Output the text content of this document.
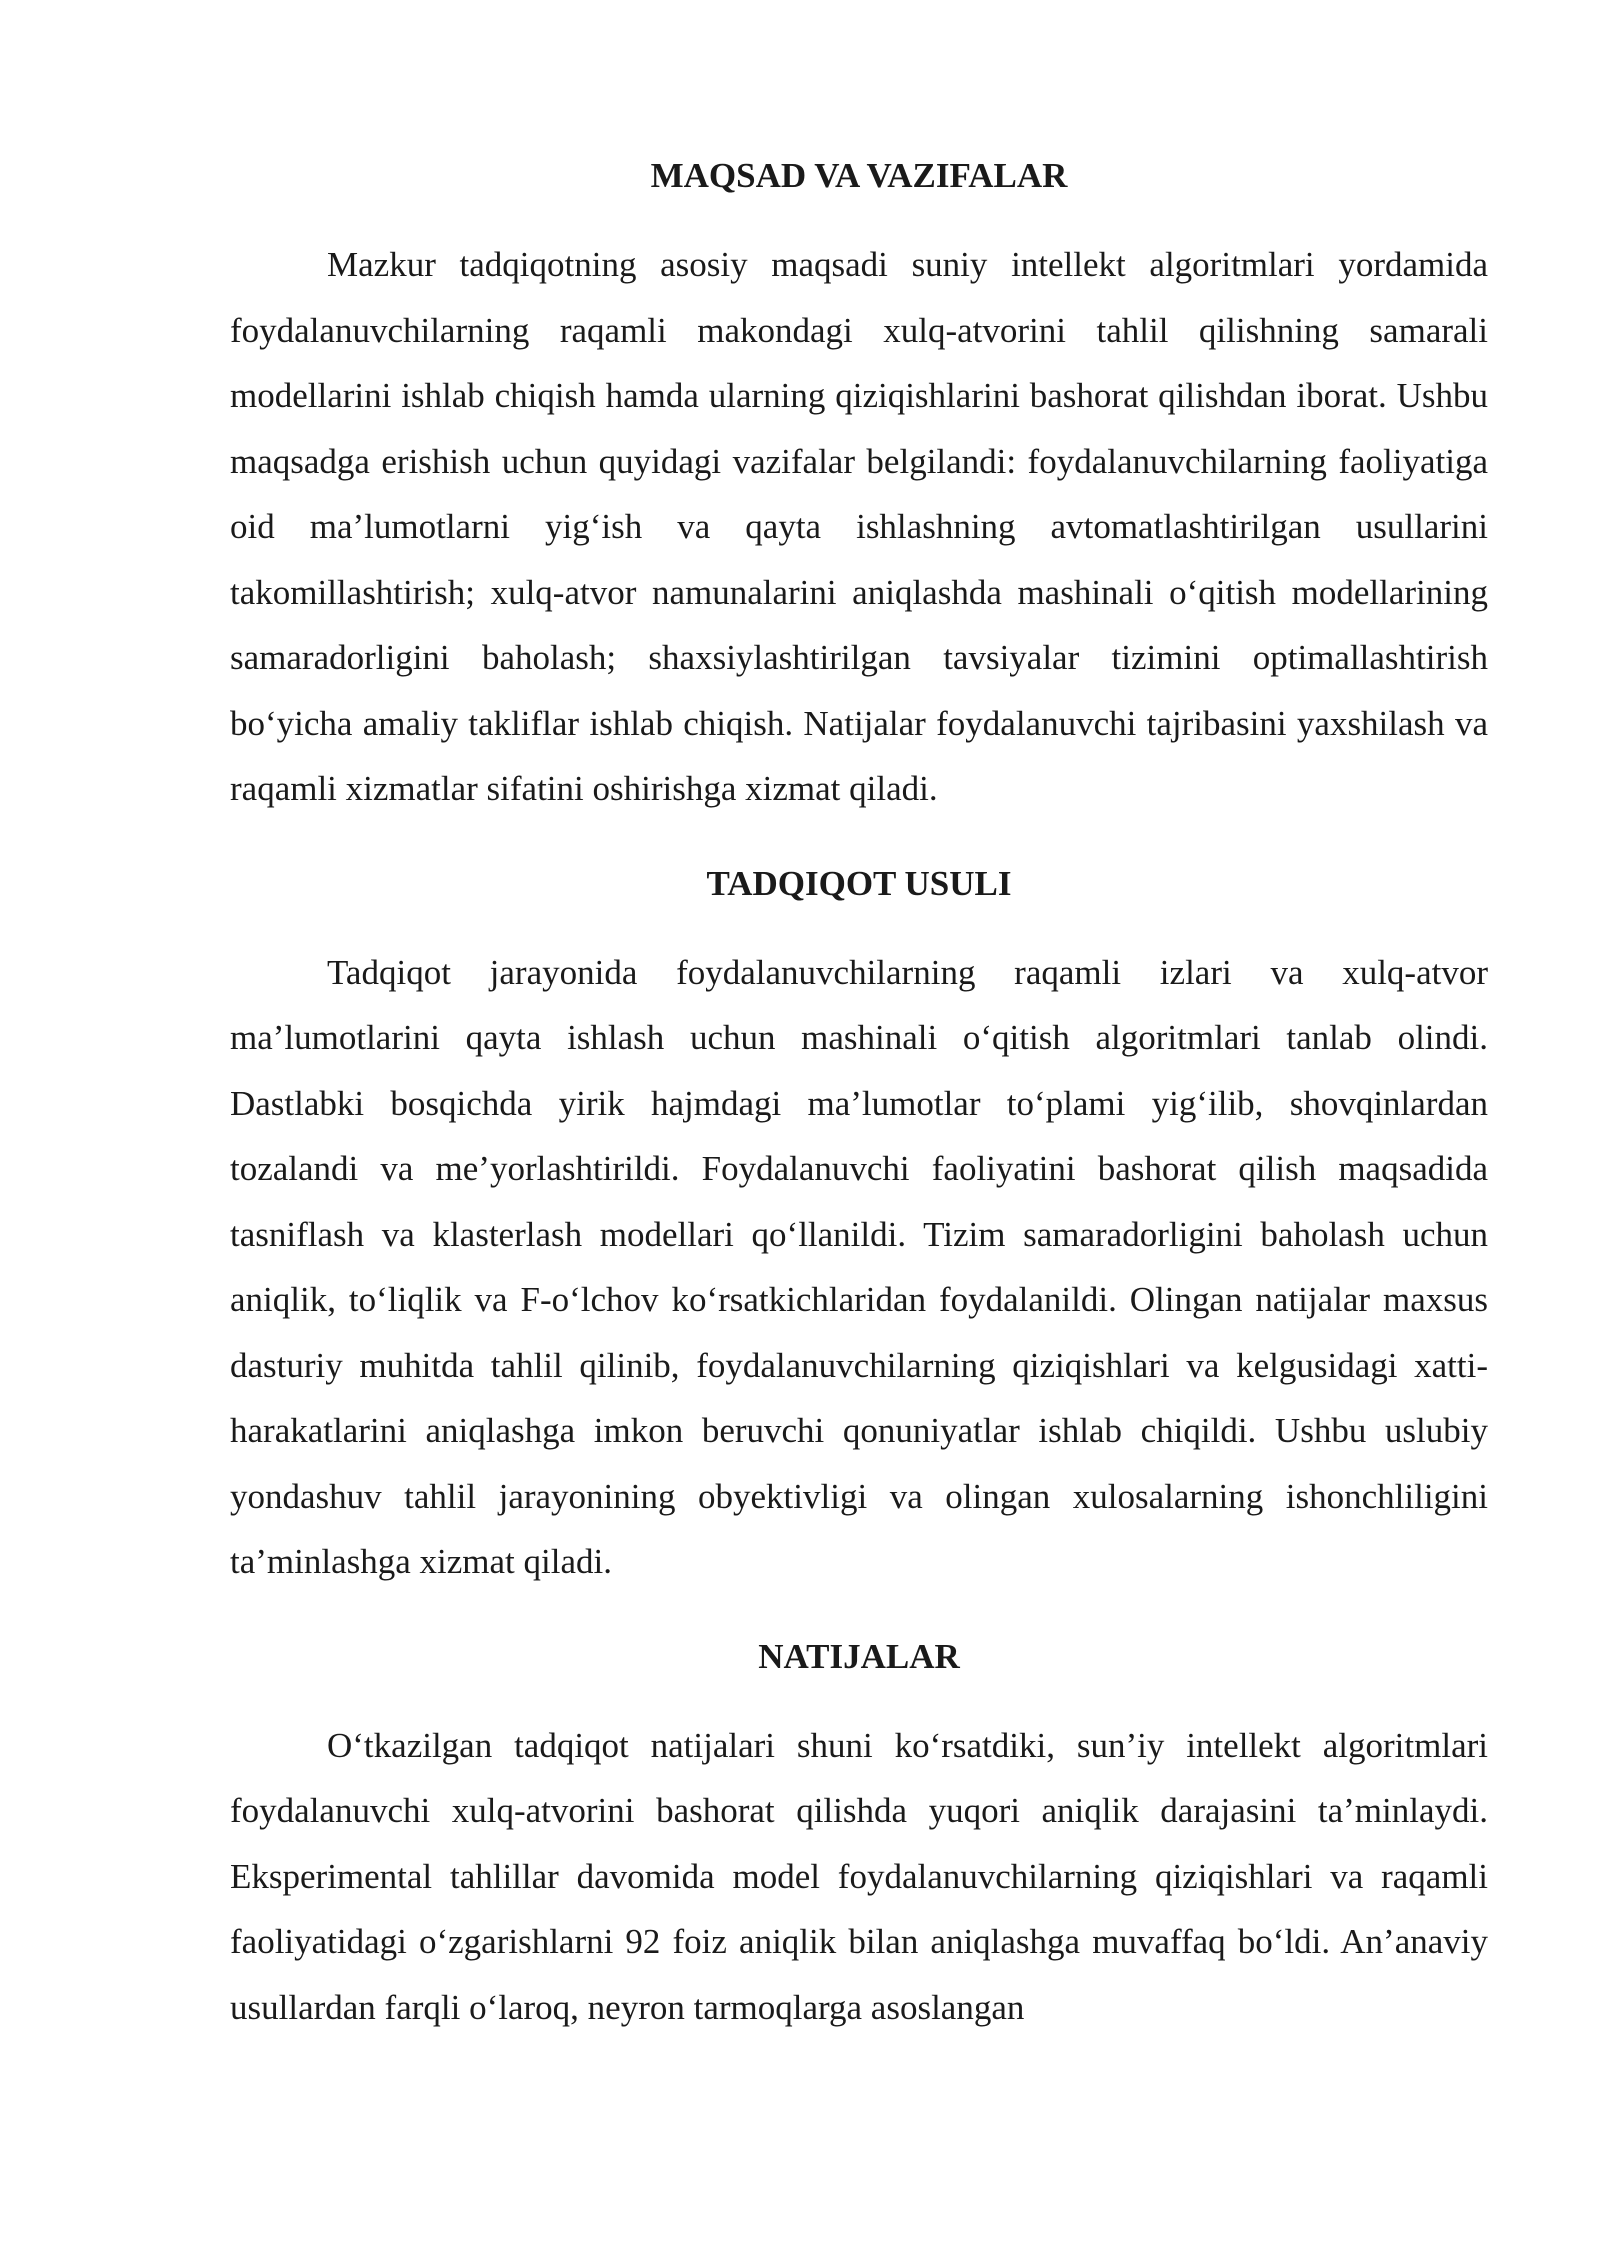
MAQSAD VA VAZIFALAR

Mazkur tadqiqotning asosiy maqsadi suniy intellekt algoritmlari yordamida foydalanuvchilarning raqamli makondagi xulq-atvorini tahlil qilishning samarali modellarini ishlab chiqish hamda ularning qiziqishlarini bashorat qilishdan iborat. Ushbu maqsadga erishish uchun quyidagi vazifalar belgilandi: foydalanuvchilarning faoliyatiga oid ma’lumotlarni yig‘ish va qayta ishlashning avtomatlashtirilgan usullarini takomillashtirish; xulq-atvor namunalarini aniqlashda mashinali o‘qitish modellarining samaradorligini baholash; shaxsiylashtirilgan tavsiyalar tizimini optimallashtirish bo‘yicha amaliy takliflar ishlab chiqish. Natijalar foydalanuvchi tajribasini yaxshilash va raqamli xizmatlar sifatini oshirishga xizmat qiladi.

TADQIQOT USULI

Tadqiqot jarayonida foydalanuvchilarning raqamli izlari va xulq-atvor ma’lumotlarini qayta ishlash uchun mashinali o‘qitish algoritmlari tanlab olindi. Dastlabki bosqichda yirik hajmdagi ma’lumotlar to‘plami yig‘ilib, shovqinlardan tozalandi va me’yorlashtirildi. Foydalanuvchi faoliyatini bashorat qilish maqsadida tasniflash va klasterlash modellari qo‘llanildi. Tizim samaradorligini baholash uchun aniqlik, to‘liqlik va F-o‘lchov ko‘rsatkichlaridan foydalanildi. Olingan natijalar maxsus dasturiy muhitda tahlil qilinib, foydalanuvchilarning qiziqishlari va kelgusidagi xatti-harakatlarini aniqlashga imkon beruvchi qonuniyatlar ishlab chiqildi. Ushbu uslubiy yondashuv tahlil jarayonining obyektivligi va olingan xulosalarning ishonchliligini ta’minlashga xizmat qiladi.

NATIJALAR

O‘tkazilgan tadqiqot natijalari shuni ko‘rsatdiki, sun’iy intellekt algoritmlari foydalanuvchi xulq-atvorini bashorat qilishda yuqori aniqlik darajasini ta’minlaydi. Eksperimental tahlillar davomida model foydalanuvchilarning qiziqishlari va raqamli faoliyatidagi o‘zgarishlarni 92 foiz aniqlik bilan aniqlashga muvaffaq bo‘ldi. An’anaviy usullardan farqli o‘laroq, neyron tarmoqlarga asoslangan
